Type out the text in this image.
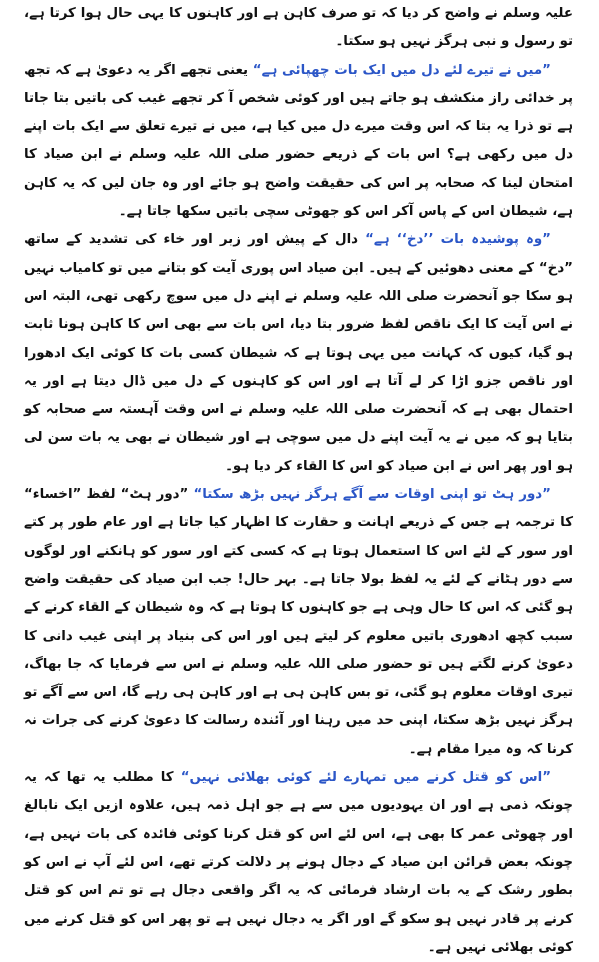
علیہ وسلم نے واضح کر دیا کہ تو صرف کاہن ہے اور کاہنوں کا یہی حال ہوا کرتا ہے، تو رسول و نبی ہرگز نہیں ہو سکتا۔

”میں نے تیرے لئے دل میں ایک بات چھپائی ہے“ یعنی تجھے اگر یہ دعویٰ ہے کہ تجھ پر خدائی راز منکشف ہو جاتے ہیں اور کوئی شخص آ کر تجھے غیب کی باتیں بتا جاتا ہے تو ذرا یہ بتا کہ اس وقت میرے دل میں کیا ہے، میں نے تیرے تعلق سے ایک بات اپنے دل میں رکھی ہے؟ اس بات کے ذریعے حضور صلی اللہ علیہ وسلم نے ابن صیاد کا امتحان لینا کہ صحابہ پر اس کی حقیقت واضح ہو جائے اور وہ جان لیں کہ یہ کاہن ہے، شیطان اس کے پاس آکر اس کو جھوٹی سچی باتیں سکھا جاتا ہے۔

”وہ پوشیدہ بات ’’دخ‘‘ ہے“ دال کے پیش اور زبر اور خاء کی تشدید کے ساتھ ”دخ“ کے معنی دھوئیں کے ہیں۔ ابن صیاد اس پوری آیت کو بتانے میں تو کامیاب نہیں ہو سکا جو آنحضرت صلی اللہ علیہ وسلم نے اپنے دل میں سوچ رکھی تھی، البتہ اس نے اس آیت کا ایک ناقص لفظ ضرور بتا دیا، اس بات سے بھی اس کا کاہن ہونا ثابت ہو گیا، کیوں کہ کہانت میں یہی ہوتا ہے کہ شیطان کسی بات کا کوئی ایک ادھورا اور ناقص جزو اڑا کر لے آتا ہے اور اس کو کاہنوں کے دل میں ڈال دیتا ہے اور یہ احتمال بھی ہے کہ آنحضرت صلی اللہ علیہ وسلم نے اس وقت آہستہ سے صحابہ کو بتایا ہو کہ میں نے یہ آیت اپنے دل میں سوچی ہے اور شیطان نے بھی یہ بات سن لی ہو اور پھر اس نے ابن صیاد کو اس کا القاء کر دیا ہو۔

”دور ہٹ تو اپنی اوقات سے آگے ہرگز نہیں بڑھ سکتا“ ”دور ہٹ“ لفظ ”اخساء“ کا ترجمہ ہے جس کے ذریعے اہانت و حقارت کا اظہار کیا جاتا ہے اور عام طور پر کتے اور سور کے لئے اس کا استعمال ہوتا ہے کہ کسی کتے اور سور کو ہانکنے اور لوگوں سے دور ہٹانے کے لئے یہ لفظ بولا جاتا ہے۔ بہر حال! جب ابن صیاد کی حقیقت واضح ہو گئی کہ اس کا حال وہی ہے جو کاہنوں کا ہوتا ہے کہ وہ شیطان کے القاء کرنے کے سبب کچھ ادھوری باتیں معلوم کر لیتے ہیں اور اس کی بنیاد پر اپنی غیب دانی کا دعویٰ کرنے لگتے ہیں تو حضور صلی اللہ علیہ وسلم نے اس سے فرمایا کہ جا بھاگ، تیری اوقات معلوم ہو گئی، تو بس کاہن ہی ہے اور کاہن ہی رہے گا، اس سے آگے تو ہرگز نہیں بڑھ سکتا، اپنی حد میں رہنا اور آئندہ رسالت کا دعویٰ کرنے کی جرات نہ کرنا کہ وہ میرا مقام ہے۔

”اس کو قتل کرنے میں تمہارے لئے کوئی بھلائی نہیں“ کا مطلب یہ تھا کہ یہ چونکہ ذمی ہے اور ان یہودیوں میں سے ہے جو اہل ذمہ ہیں، علاوہ ازیں ایک نابالغ اور چھوٹی عمر کا بھی ہے، اس لئے اس کو قتل کرنا کوئی فائدہ کی بات نہیں ہے، چونکہ بعض قرائن ابن صیاد کے دجال ہونے پر دلالت کرتے تھے، اس لئے آپ نے اس کو بطور رشک کے یہ بات ارشاد فرمائی کہ یہ اگر واقعی دجال ہے تو تم اس کو قتل کرنے پر قادر نہیں ہو سکو گے اور اگر یہ دجال نہیں ہے تو پھر اس کو قتل کرنے میں کوئی بھلائی نہیں ہے۔
